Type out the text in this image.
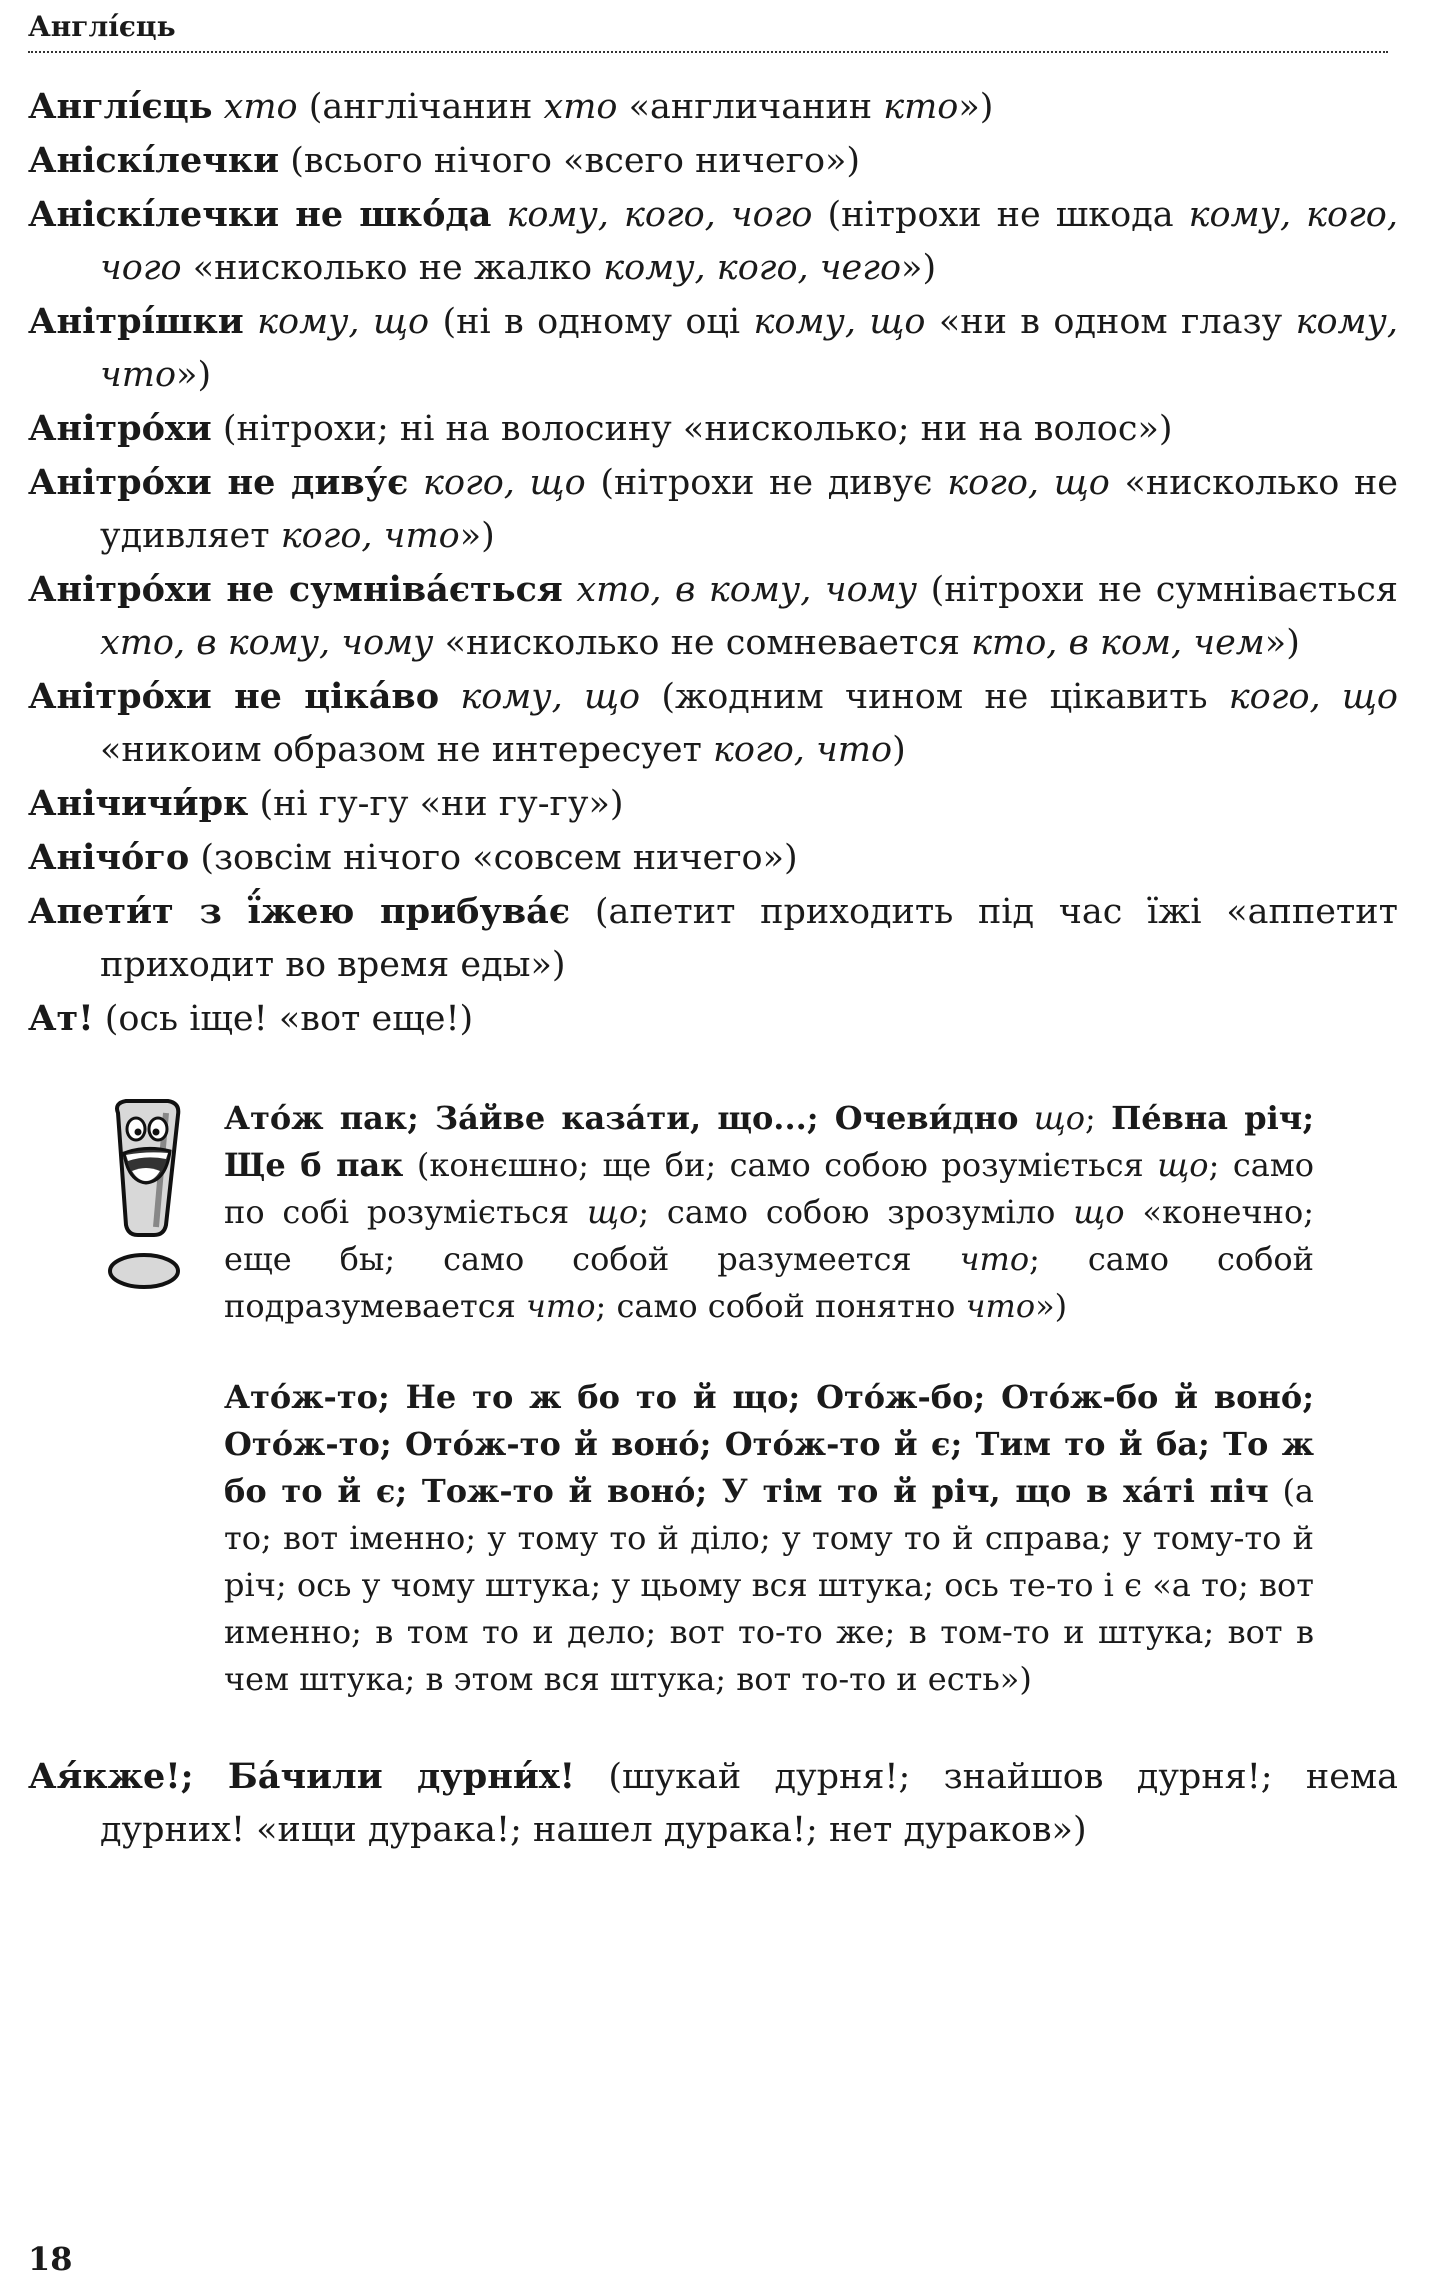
Англі́єць
Англі́єць хто (англічанин хто «англичанин кто»)
Аніскі́лечки (всього нічого «всего ничего»)
Аніскі́лечки не шко́да кому, кого, чого (нітрохи не шкода кому, кого, чого «нисколько не жалко кому, кого, чего»)
Анітрі́шки кому, що (ні в одному оці кому, що «ни в одном глазу кому, что»)
Анітро́хи (нітрохи; ні на волосину «нисколько; ни на волос»)
Анітро́хи не диву́є кого, що (нітрохи не дивує кого, що «нисколько не удивляет кого, что»)
Анітро́хи не сумніва́ється хто, в кому, чому (нітрохи не сумнівається хто, в кому, чому «нисколько не сомневается кто, в ком, чем»)
Анітро́хи не ціка́во кому, що (жодним чином не цікавить кого, що «никоим образом не интересует кого, что)
Анічичи́рк (ні гу-гу «ни гу-гу»)
Анічо́го (зовсім нічого «совсем ничего»)
Апети́т з ї́жею прибува́є (апетит приходить під час їжі «аппетит приходит во время еды»)
Ат! (ось іще! «вот еще!)
Ато́ж пак; За́йве каза́ти, що...; Очеви́дно що; Пе́вна річ; Ще б пак (конєшно; ще би; само собою розуміється що; само по собі розуміється що; само собою зрозуміло що «конечно; еще бы; само собой разумеется что; само собой подразумевается что; само собой понятно что»)
Ато́ж-то; Не то ж бо то й що; Ото́ж-бо; Ото́ж-бо й воно́; Ото́ж-то; Ото́ж-то й воно́; Ото́ж-то й є; Тим то й ба; То ж бо то й є; Тож-то й воно́; У тім то й річ, що в ха́ті піч (а то; вот іменно; у тому то й діло; у тому то й справа; у тому-то й річ; ось у чому штука; у цьому вся штука; ось те-то і є «а то; вот именно; в том то и дело; вот то-то же; в том-то и штука; вот в чем штука; в этом вся штука; вот то-то и есть»)
Ая́кже!; Ба́чили дурни́х! (шукай дурня!; знайшов дурня!; нема дурних! «ищи дурака!; нашел дурака!; нет дураков»)
18
